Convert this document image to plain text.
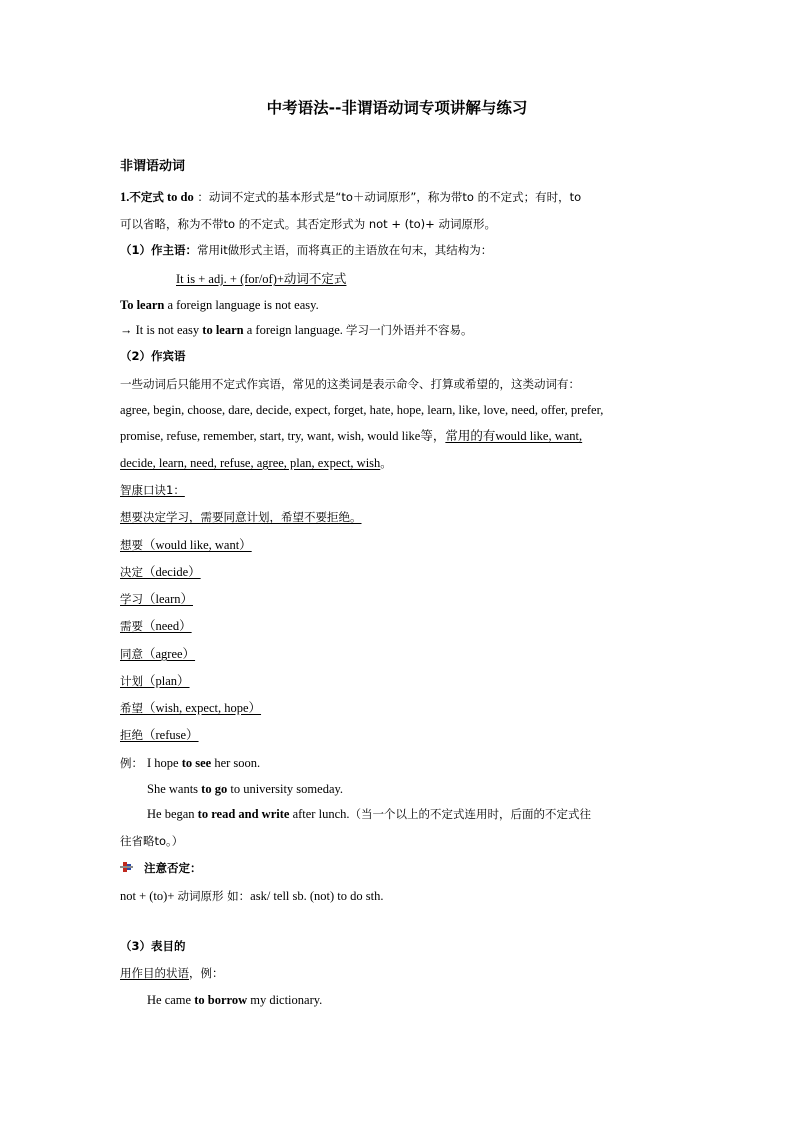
中考语法--非谓语动词专项讲解与练习
非谓语动词
1.不定式 to do ：动词不定式的基本形式是“to＋动词原形”，称为带to 的不定式；有时，to
可以省略，称为不带to 的不定式。其否定形式为 not + (to)+ 动词原形。
（1）作主语：常用it做形式主语，而将真正的主语放在句末，其结构为：
It is + adj. + (for/of)+动词不定式
To learn a foreign language is not easy.
→ It is not easy to learn a foreign language. 学习一门外语并不容易。
（2）作宾语
一些动词后只能用不定式作宾语，常见的这类词是表示命令、打算或希望的，这类动词有：
agree, begin, choose, dare, decide, expect, forget, hate, hope, learn, like, love, need, offer, prefer,
promise, refuse, remember, start, try, want, wish, would like等，常用的有would like, want,
decide, learn, need, refuse, agree, plan, expect, wish。
智康口诀1：
想要决定学习，需要同意计划，希望不要拒绝。
想要（would like, want）
决定（decide）
学习（learn）
需要（need）
同意（agree）
计划（plan）
希望（wish, expect, hope）
拒绝（refuse）
例： I hope to see her soon.
She wants to go to university someday.
He began to read and write after lunch.（当一个以上的不定式连用时，后面的不定式往
往省略to。）
注意否定：
not + (to)+ 动词原形 如：ask/ tell sb. (not) to do sth.
（3）表目的
用作目的状语，例：
He came to borrow my dictionary.
